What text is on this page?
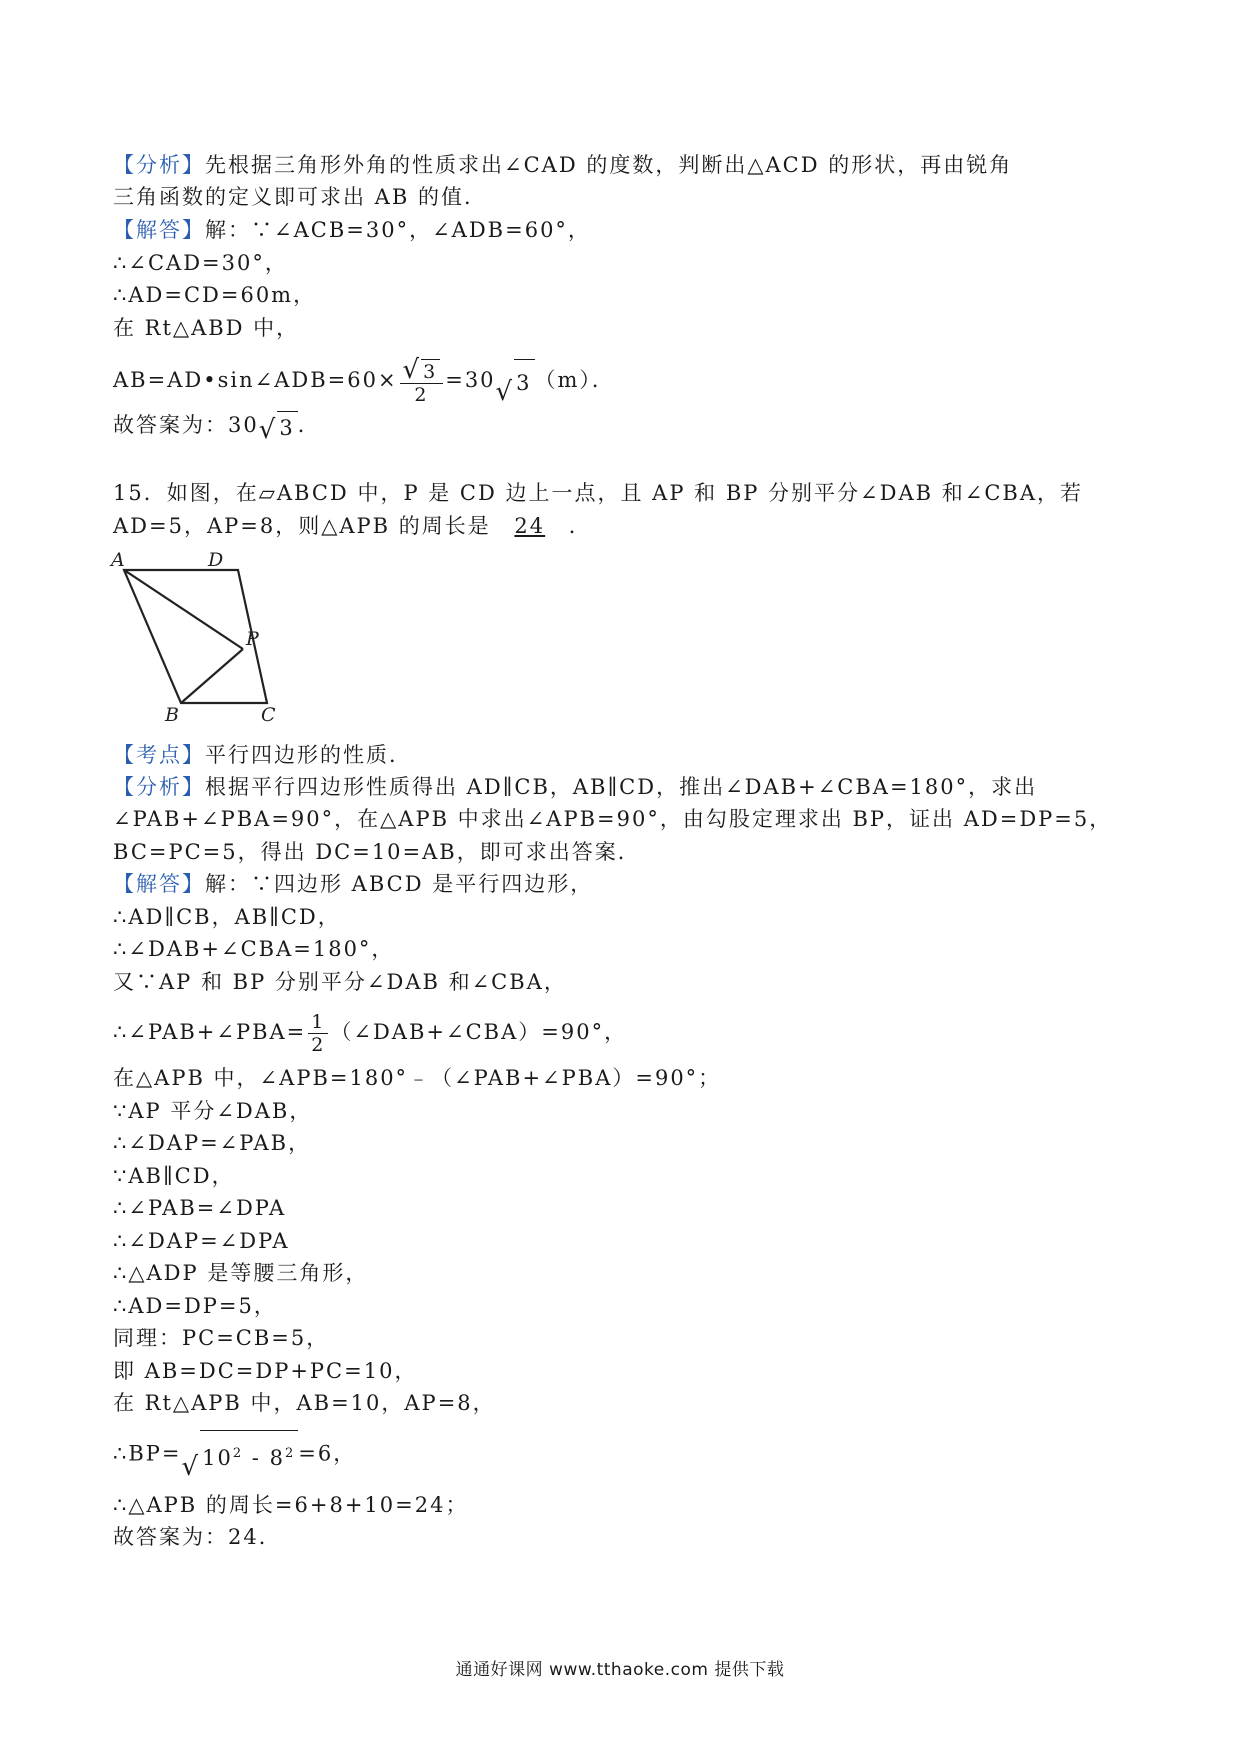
【分析】先根据三角形外角的性质求出∠CAD 的度数，判断出△ACD 的形状，再由锐角
三角函数的定义即可求出 AB 的值．
【解答】解：∵∠ACB=30°，∠ADB=60°，
∴∠CAD=30°，
∴AD=CD=60m，
在 Rt△ABD 中，
AB=AD•sin∠ADB=60× $\frac{√ 3}{2} =30$ √ 3 （m）．
故答案为：30 √ 3 ．
15．如图，在▱ABCD 中，P 是 CD 边上一点，且 AP 和 BP 分别平分∠DAB 和∠CBA，若
AD=5，AP=8，则△APB 的周长是 24 ．
A	D
P
B	C
【考点】平行四边形的性质．
【分析】根据平行四边形性质得出 AD∥CB，AB∥CD，推出∠DAB+∠CBA=180°，求出
∠PAB+∠PBA=90°，在△APB 中求出∠APB=90°，由勾股定理求出 BP，证出 AD=DP=5，
BC=PC=5，得出 DC=10=AB，即可求出答案．
【解答】解：∵四边形 ABCD 是平行四边形，
∴AD∥CB，AB∥CD，
∴∠DAB+∠CBA=180°，
又∵AP 和 BP 分别平分∠DAB 和∠CBA，
∴∠PAB+∠PBA= $\frac{1}{2}$ （∠DAB+∠CBA）=90°，
在△APB 中，∠APB=180°﹣（∠PAB+∠PBA）=90°；
∵AP 平分∠DAB，
∴∠DAP=∠PAB，
∵AB∥CD，
∴∠PAB=∠DPA
∴∠DAP=∠DPA
∴△ADP 是等腰三角形，
∴AD=DP=5，
同理：PC=CB=5，
即 AB=DC=DP+PC=10，
在 Rt△APB 中，AB=10，AP=8，
∴BP= √ $10^2 - 8^2 =6$，
∴△APB 的周长=6+8+10=24；
故答案为：24．
通通好课网 www.tthaoke.com 提供下载
